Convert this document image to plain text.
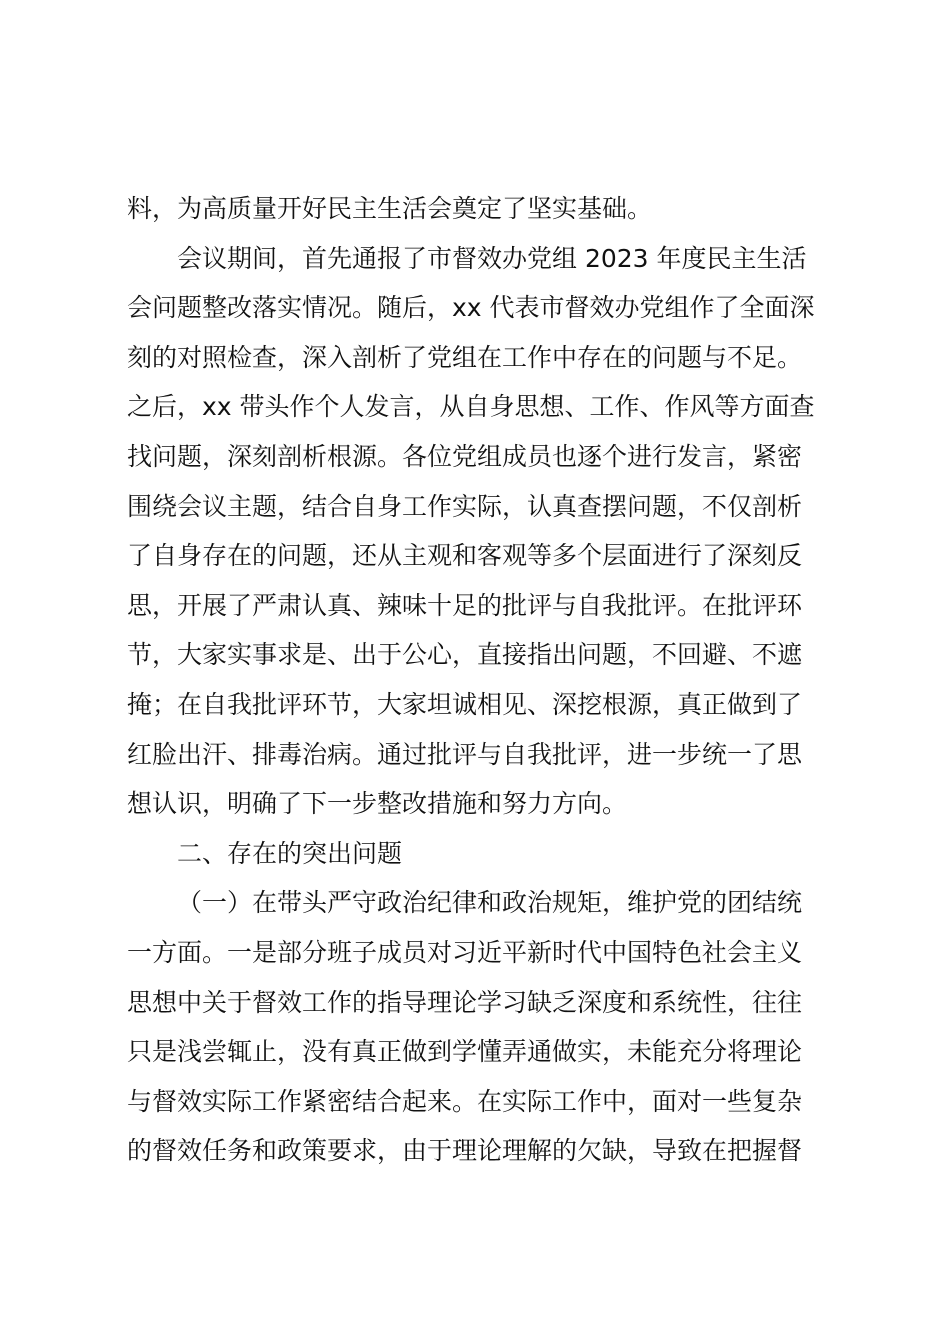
料，为高质量开好民主生活会奠定了坚实基础。
会议期间，首先通报了市督效办党组 2023 年度民主生活
会问题整改落实情况。随后，xx 代表市督效办党组作了全面深
刻的对照检查，深入剖析了党组在工作中存在的问题与不足。
之后，xx 带头作个人发言，从自身思想、工作、作风等方面查
找问题，深刻剖析根源。各位党组成员也逐个进行发言，紧密
围绕会议主题，结合自身工作实际，认真查摆问题，不仅剖析
了自身存在的问题，还从主观和客观等多个层面进行了深刻反
思，开展了严肃认真、辣味十足的批评与自我批评。在批评环
节，大家实事求是、出于公心，直接指出问题，不回避、不遮
掩；在自我批评环节，大家坦诚相见、深挖根源，真正做到了
红脸出汗、排毒治病。通过批评与自我批评，进一步统一了思
想认识，明确了下一步整改措施和努力方向。
二、存在的突出问题
（一）在带头严守政治纪律和政治规矩，维护党的团结统
一方面。一是部分班子成员对习近平新时代中国特色社会主义
思想中关于督效工作的指导理论学习缺乏深度和系统性，往往
只是浅尝辄止，没有真正做到学懂弄通做实，未能充分将理论
与督效实际工作紧密结合起来。在实际工作中，面对一些复杂
的督效任务和政策要求，由于理论理解的欠缺，导致在把握督
